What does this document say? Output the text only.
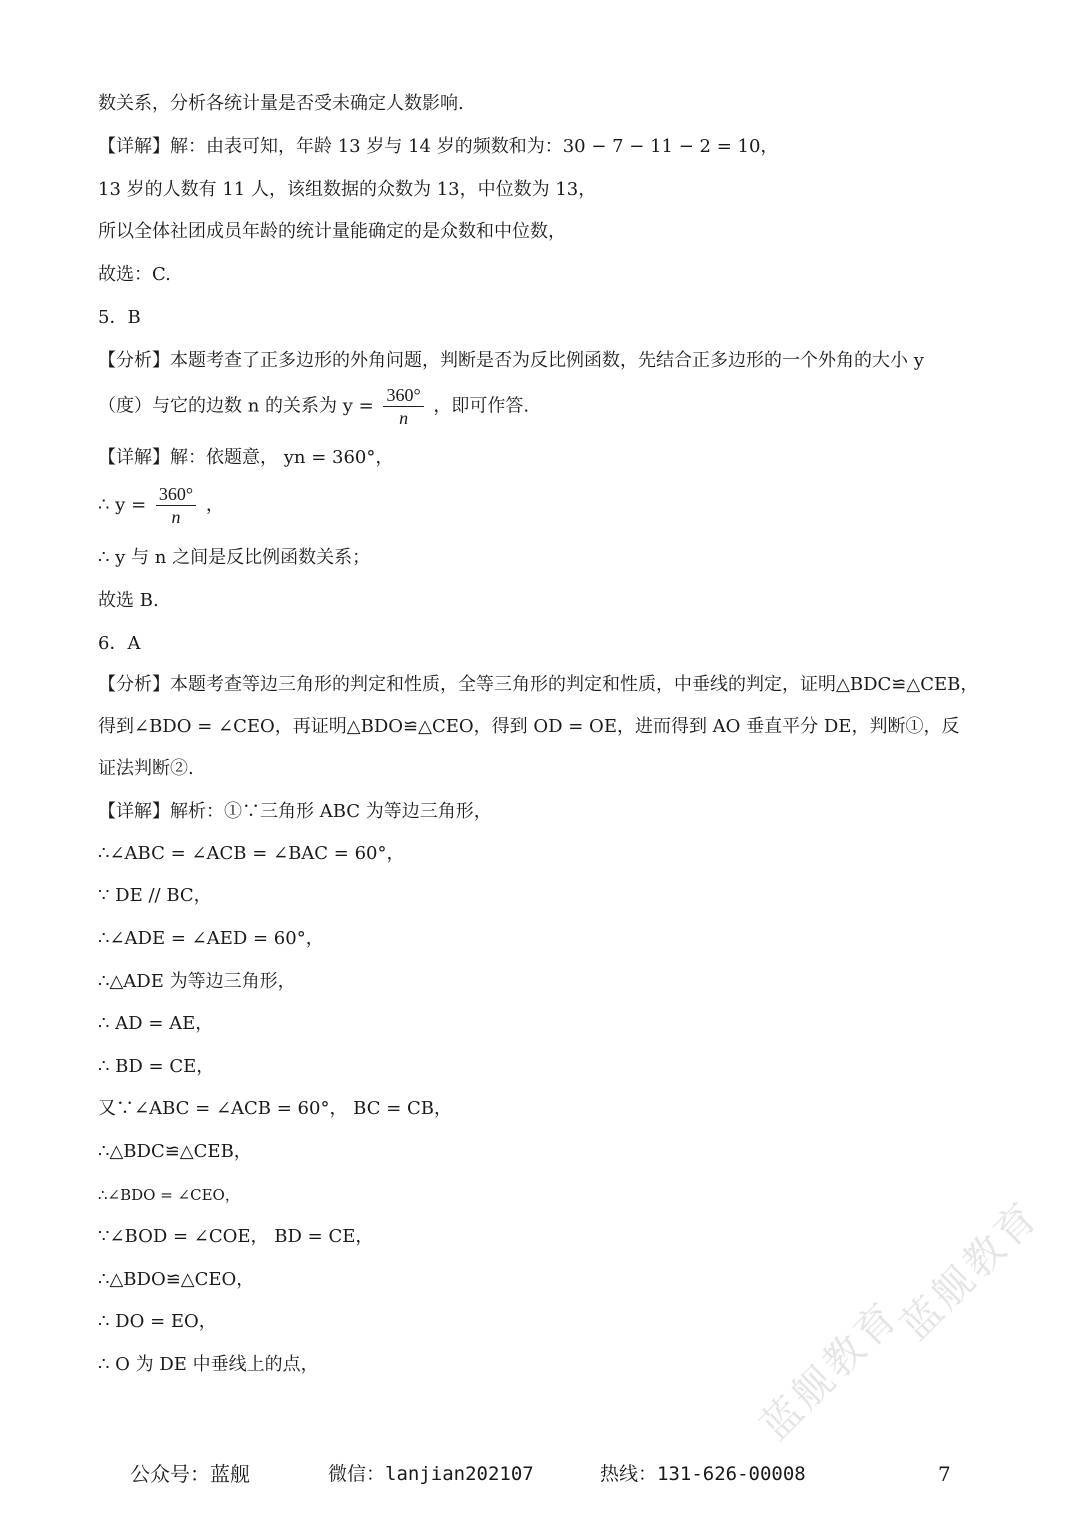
蓝舰教育
蓝舰教育
数关系，分析各统计量是否受未确定人数影响.
【详解】解：由表可知，年龄 13 岁与 14 岁的频数和为：30 − 7 − 11 − 2 = 10，
13 岁的人数有 11 人，该组数据的众数为 13，中位数为 13，
所以全体社团成员年龄的统计量能确定的是众数和中位数，
故选：C.
5．B
【分析】本题考查了正多边形的外角问题，判断是否为反比例函数，先结合正多边形的一个外角的大小 y
（度）与它的边数 n 的关系为 $y = \frac{360^\circ}{n}$ ，即可作答.
【详解】解：依题意， yn = 360°，
∴ $y = \frac{360^\circ}{n}$ ，
∴ y 与 n 之间是反比例函数关系；
故选 B.
6．A
【分析】本题考查等边三角形的判定和性质，全等三角形的判定和性质，中垂线的判定，证明△BDC≌△CEB，
得到∠BDO = ∠CEO，再证明△BDO≌△CEO，得到 OD = OE，进而得到 AO 垂直平分 DE，判断①，反
证法判断②.
【详解】解析：①∵三角形 ABC 为等边三角形，
∴∠ABC = ∠ACB = ∠BAC = 60°，
∵ DE // BC，
∴∠ADE = ∠AED = 60°，
∴△ADE 为等边三角形，
∴ AD = AE，
∴ BD = CE，
又∵∠ABC = ∠ACB = 60°， BC = CB，
∴△BDC≌△CEB，
∴∠BDO = ∠CEO，
∵∠BOD = ∠COE， BD = CE，
∴△BDO≌△CEO，
∴ DO = EO，
∴ O 为 DE 中垂线上的点，
公众号：蓝舰	微信：lanjian202107	热线：131-626-00008	7
